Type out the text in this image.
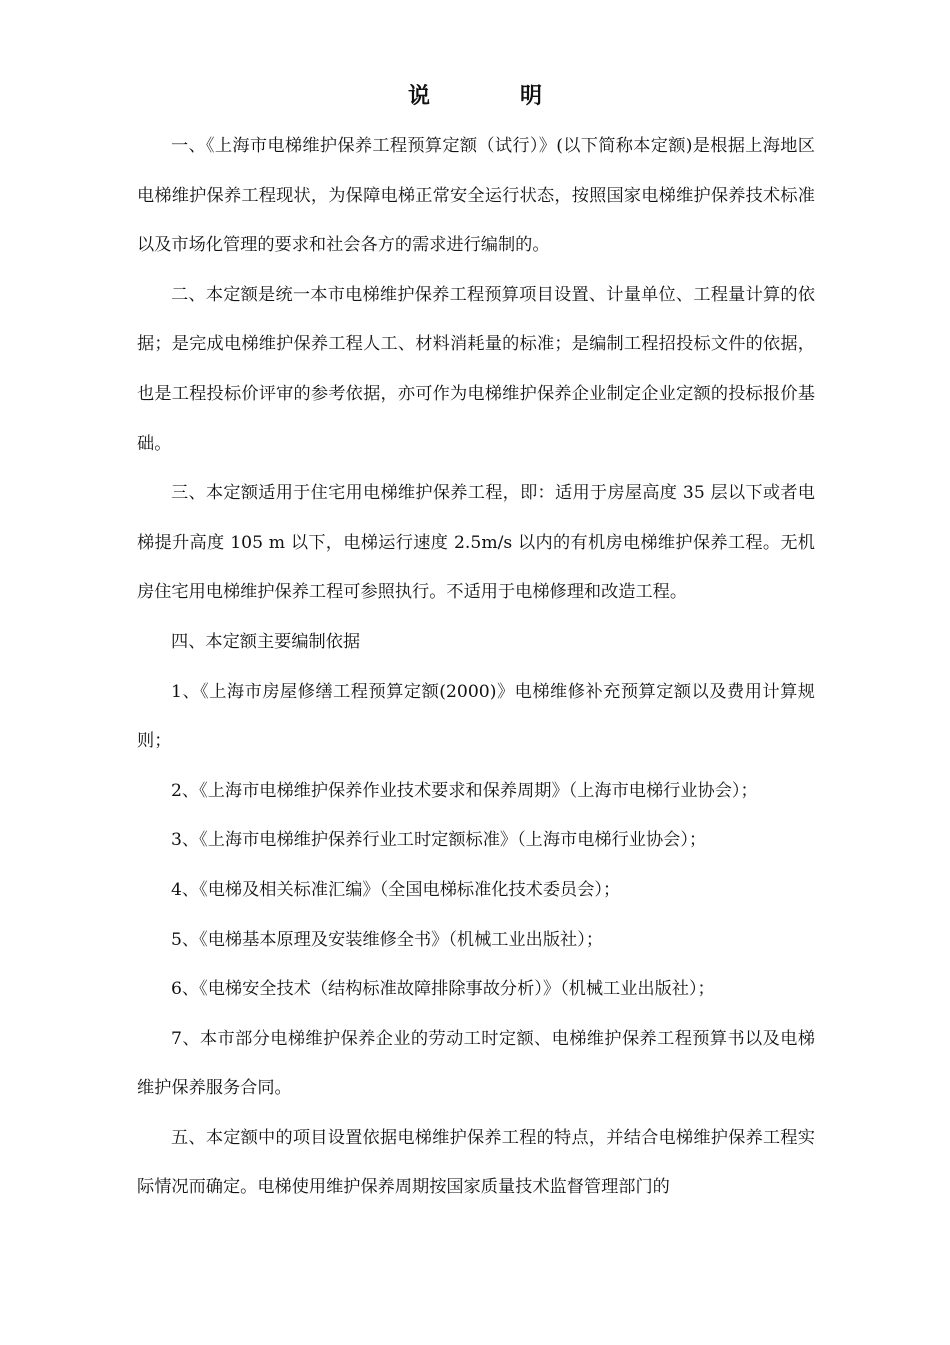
说　明

一、《上海市电梯维护保养工程预算定额（试行）》(以下简称本定额)是根据上海地区电梯维护保养工程现状，为保障电梯正常安全运行状态，按照国家电梯维护保养技术标准以及市场化管理的要求和社会各方的需求进行编制的。

二、本定额是统一本市电梯维护保养工程预算项目设置、计量单位、工程量计算的依据；是完成电梯维护保养工程人工、材料消耗量的标准；是编制工程招投标文件的依据，也是工程投标价评审的参考依据，亦可作为电梯维护保养企业制定企业定额的投标报价基础。

三、本定额适用于住宅用电梯维护保养工程，即：适用于房屋高度 35 层以下或者电梯提升高度 105 m 以下，电梯运行速度 2.5m/s 以内的有机房电梯维护保养工程。无机房住宅用电梯维护保养工程可参照执行。不适用于电梯修理和改造工程。

四、本定额主要编制依据

1、《上海市房屋修缮工程预算定额(2000)》电梯维修补充预算定额以及费用计算规则；

2、《上海市电梯维护保养作业技术要求和保养周期》（上海市电梯行业协会）；

3、《上海市电梯维护保养行业工时定额标准》（上海市电梯行业协会）；

4、《电梯及相关标准汇编》（全国电梯标准化技术委员会）；

5、《电梯基本原理及安装维修全书》（机械工业出版社）；

6、《电梯安全技术（结构标准故障排除事故分析）》（机械工业出版社）；

7、本市部分电梯维护保养企业的劳动工时定额、电梯维护保养工程预算书以及电梯维护保养服务合同。

五、本定额中的项目设置依据电梯维护保养工程的特点，并结合电梯维护保养工程实际情况而确定。电梯使用维护保养周期按国家质量技术监督管理部门的
